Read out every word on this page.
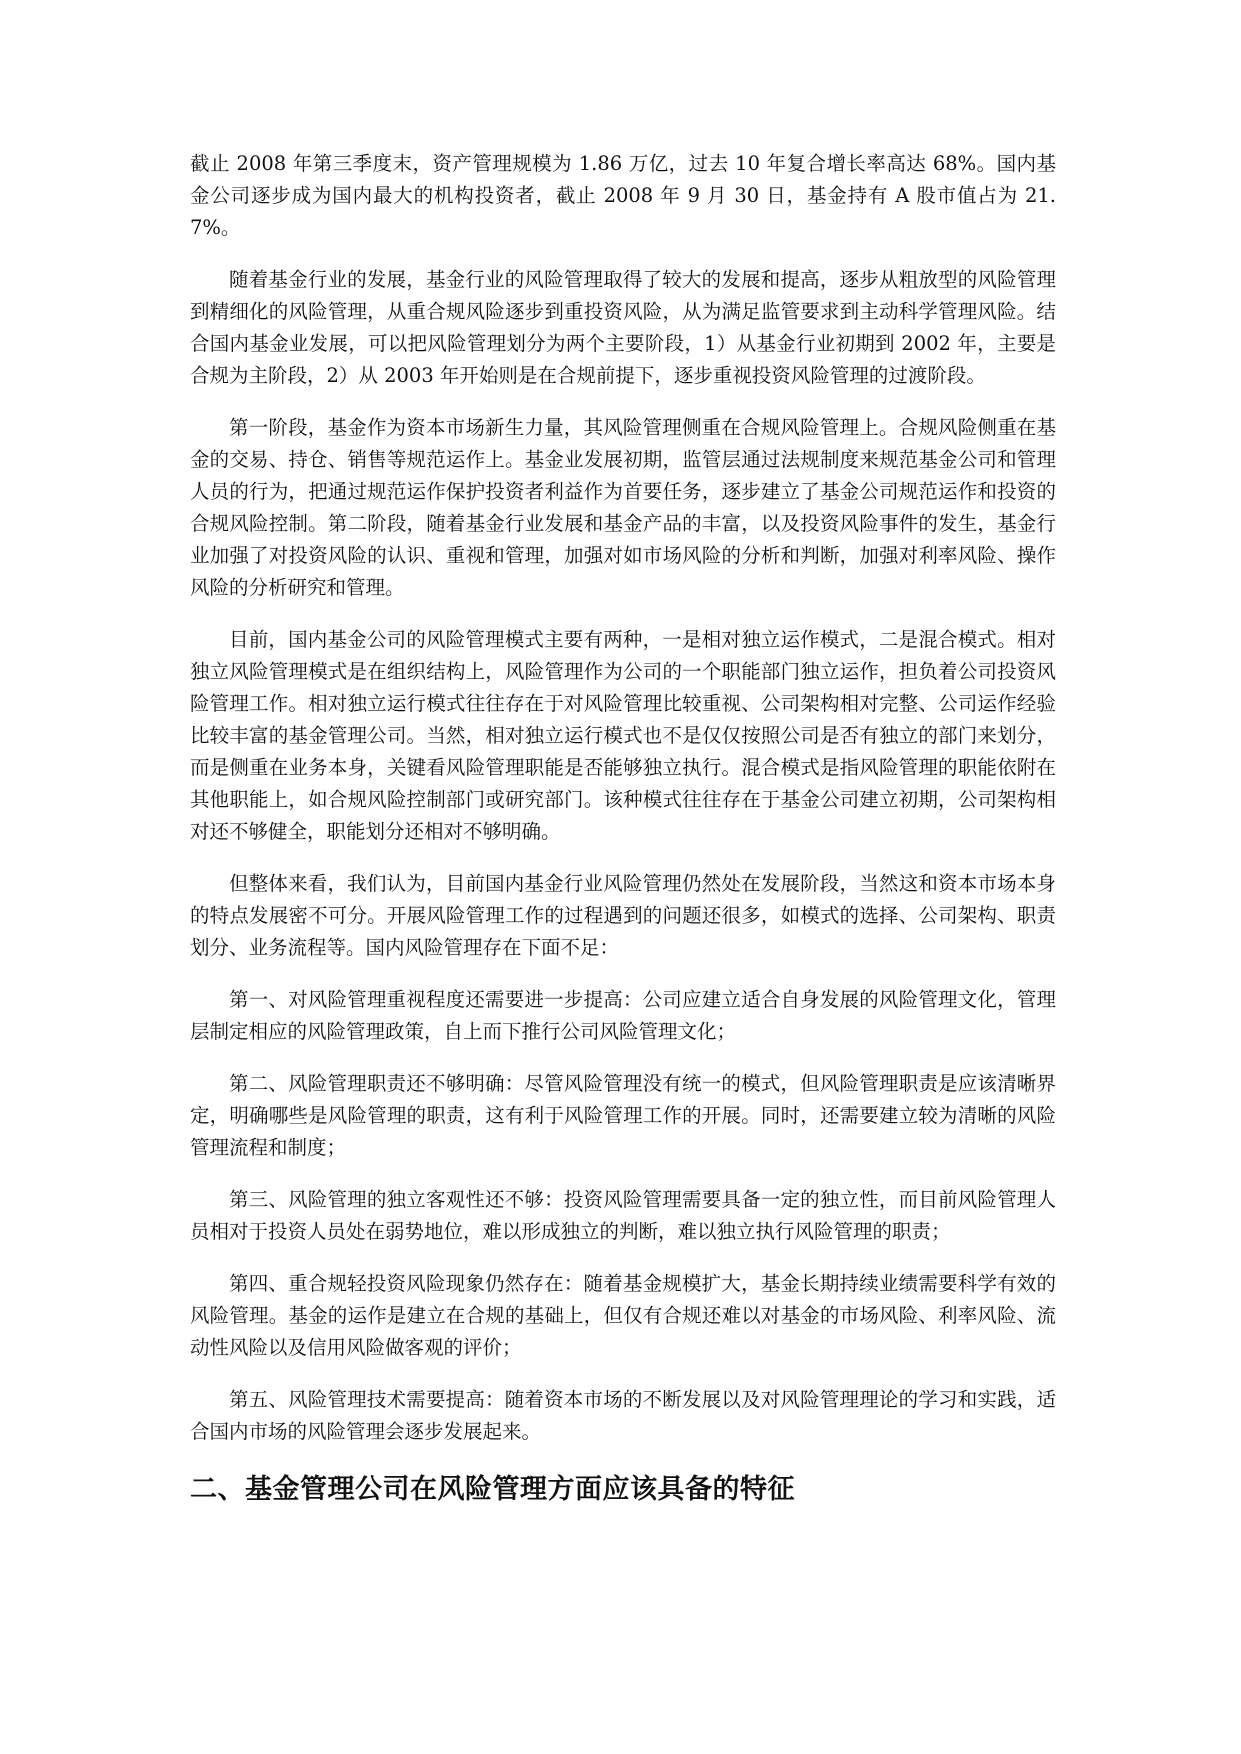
截止 2008 年第三季度末，资产管理规模为 1.86 万亿，过去 10 年复合增长率高达 68%。国内基金公司逐步成为国内最大的机构投资者，截止 2008 年 9 月 30 日，基金持有 A 股市值占为 21.7%。

随着基金行业的发展，基金行业的风险管理取得了较大的发展和提高，逐步从粗放型的风险管理到精细化的风险管理，从重合规风险逐步到重投资风险，从为满足监管要求到主动科学管理风险。结合国内基金业发展，可以把风险管理划分为两个主要阶段，1）从基金行业初期到 2002 年，主要是合规为主阶段，2）从 2003 年开始则是在合规前提下，逐步重视投资风险管理的过渡阶段。

第一阶段，基金作为资本市场新生力量，其风险管理侧重在合规风险管理上。合规风险侧重在基金的交易、持仓、销售等规范运作上。基金业发展初期，监管层通过法规制度来规范基金公司和管理人员的行为，把通过规范运作保护投资者利益作为首要任务，逐步建立了基金公司规范运作和投资的合规风险控制。第二阶段，随着基金行业发展和基金产品的丰富，以及投资风险事件的发生，基金行业加强了对投资风险的认识、重视和管理，加强对如市场风险的分析和判断，加强对利率风险、操作风险的分析研究和管理。

目前，国内基金公司的风险管理模式主要有两种，一是相对独立运作模式，二是混合模式。相对独立风险管理模式是在组织结构上，风险管理作为公司的一个职能部门独立运作，担负着公司投资风险管理工作。相对独立运行模式往往存在于对风险管理比较重视、公司架构相对完整、公司运作经验比较丰富的基金管理公司。当然，相对独立运行模式也不是仅仅按照公司是否有独立的部门来划分，而是侧重在业务本身，关键看风险管理职能是否能够独立执行。混合模式是指风险管理的职能依附在其他职能上，如合规风险控制部门或研究部门。该种模式往往存在于基金公司建立初期，公司架构相对还不够健全，职能划分还相对不够明确。

但整体来看，我们认为，目前国内基金行业风险管理仍然处在发展阶段，当然这和资本市场本身的特点发展密不可分。开展风险管理工作的过程遇到的问题还很多，如模式的选择、公司架构、职责划分、业务流程等。国内风险管理存在下面不足：

第一、对风险管理重视程度还需要进一步提高：公司应建立适合自身发展的风险管理文化，管理层制定相应的风险管理政策，自上而下推行公司风险管理文化；

第二、风险管理职责还不够明确：尽管风险管理没有统一的模式，但风险管理职责是应该清晰界定，明确哪些是风险管理的职责，这有利于风险管理工作的开展。同时，还需要建立较为清晰的风险管理流程和制度；

第三、风险管理的独立客观性还不够：投资风险管理需要具备一定的独立性，而目前风险管理人员相对于投资人员处在弱势地位，难以形成独立的判断，难以独立执行风险管理的职责；

第四、重合规轻投资风险现象仍然存在：随着基金规模扩大，基金长期持续业绩需要科学有效的风险管理。基金的运作是建立在合规的基础上，但仅有合规还难以对基金的市场风险、利率风险、流动性风险以及信用风险做客观的评价；

第五、风险管理技术需要提高：随着资本市场的不断发展以及对风险管理理论的学习和实践，适合国内市场的风险管理会逐步发展起来。

二、基金管理公司在风险管理方面应该具备的特征
